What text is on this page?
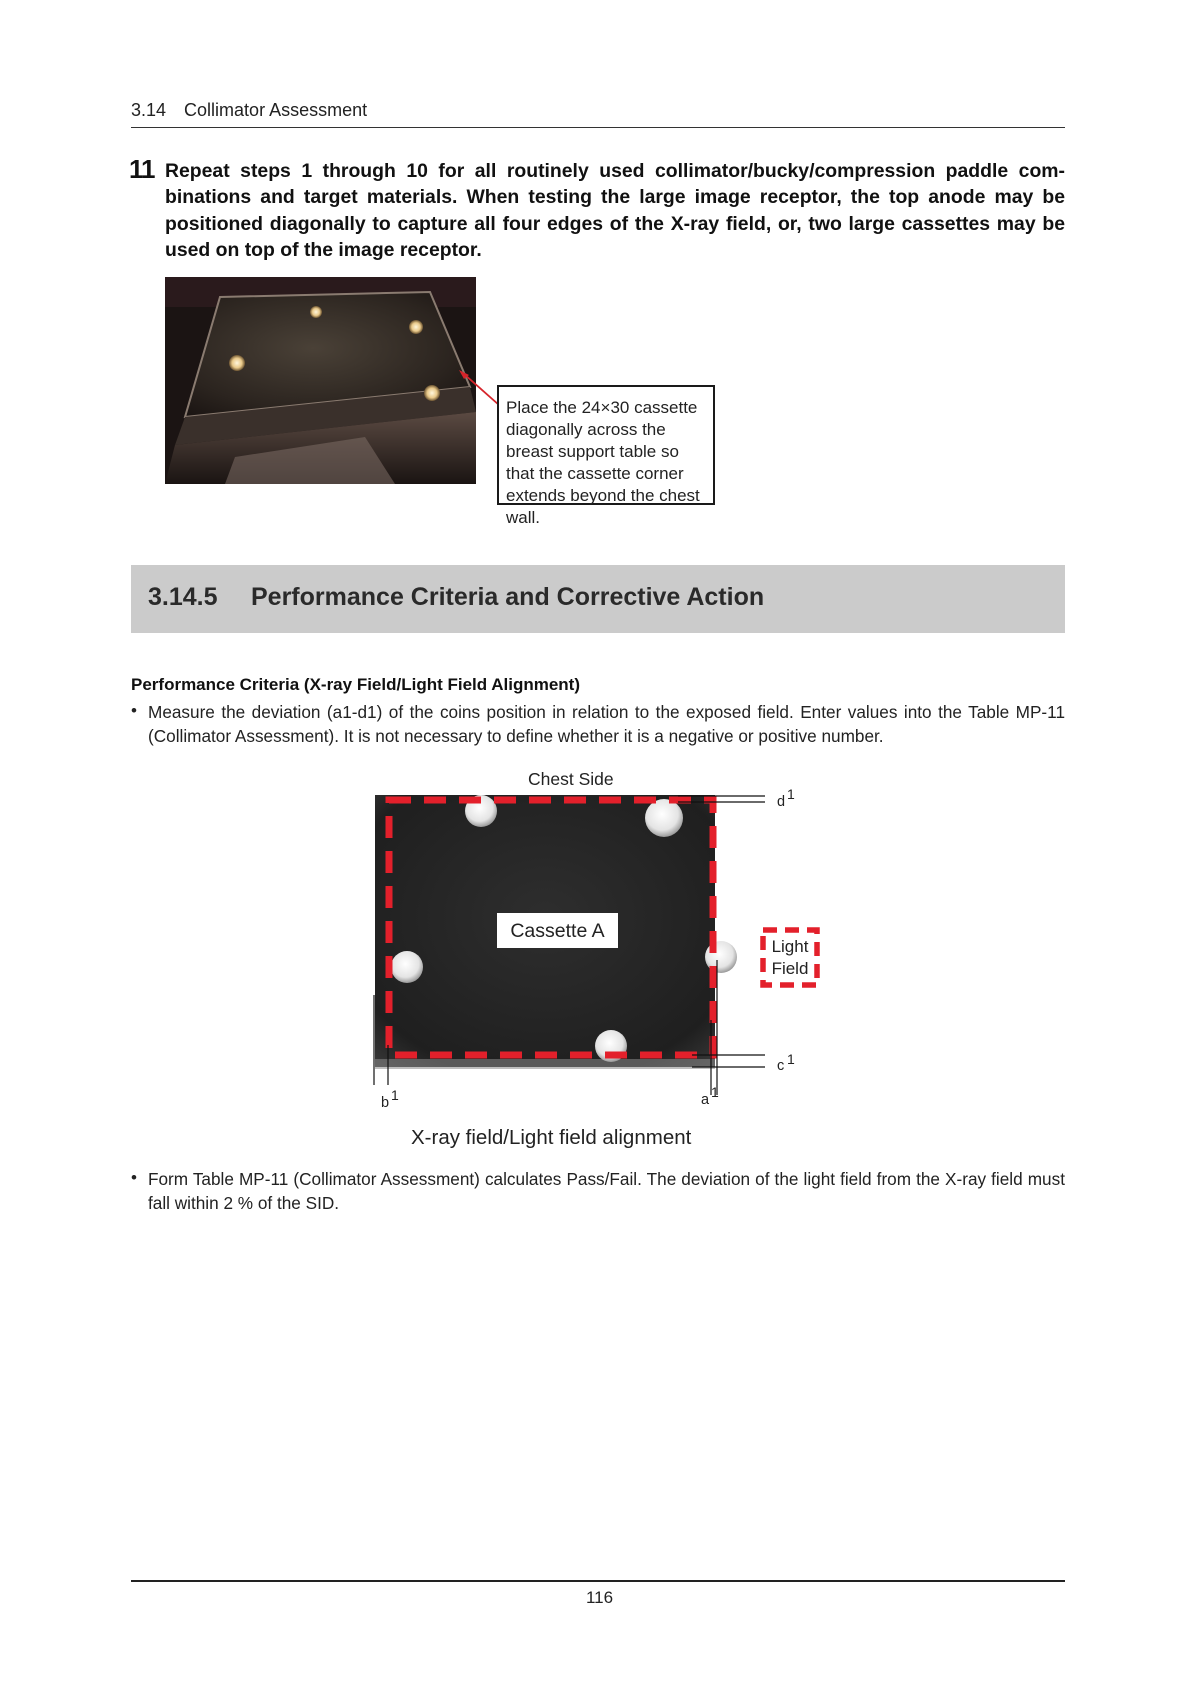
3.14 Collimator Assessment
11 Repeat steps 1 through 10 for all routinely used collimator/bucky/compression paddle com-binations and target materials. When testing the large image receptor, the top anode may be positioned diagonally to capture all four edges of the X-ray field, or, two large cassettes may be used on top of the image receptor.
Place the 24×30 cassette diagonally across the breast support table so that the cassette corner extends beyond the chest wall.
3.14.5 Performance Criteria and Corrective Action
Performance Criteria (X-ray Field/Light Field Alignment)
• Measure the deviation (a1-d1) of the coins position in relation to the exposed field. Enter values into the Table MP-11 (Collimator Assessment). It is not necessary to define whether it is a negative or positive number.
Chest Side
Cassette A
Light
Field
d 1
c 1
a 1
b 1
X-ray field/Light field alignment
• Form Table MP-11 (Collimator Assessment) calculates Pass/Fail. The deviation of the light field from the X-ray field must fall within 2 % of the SID.
116
